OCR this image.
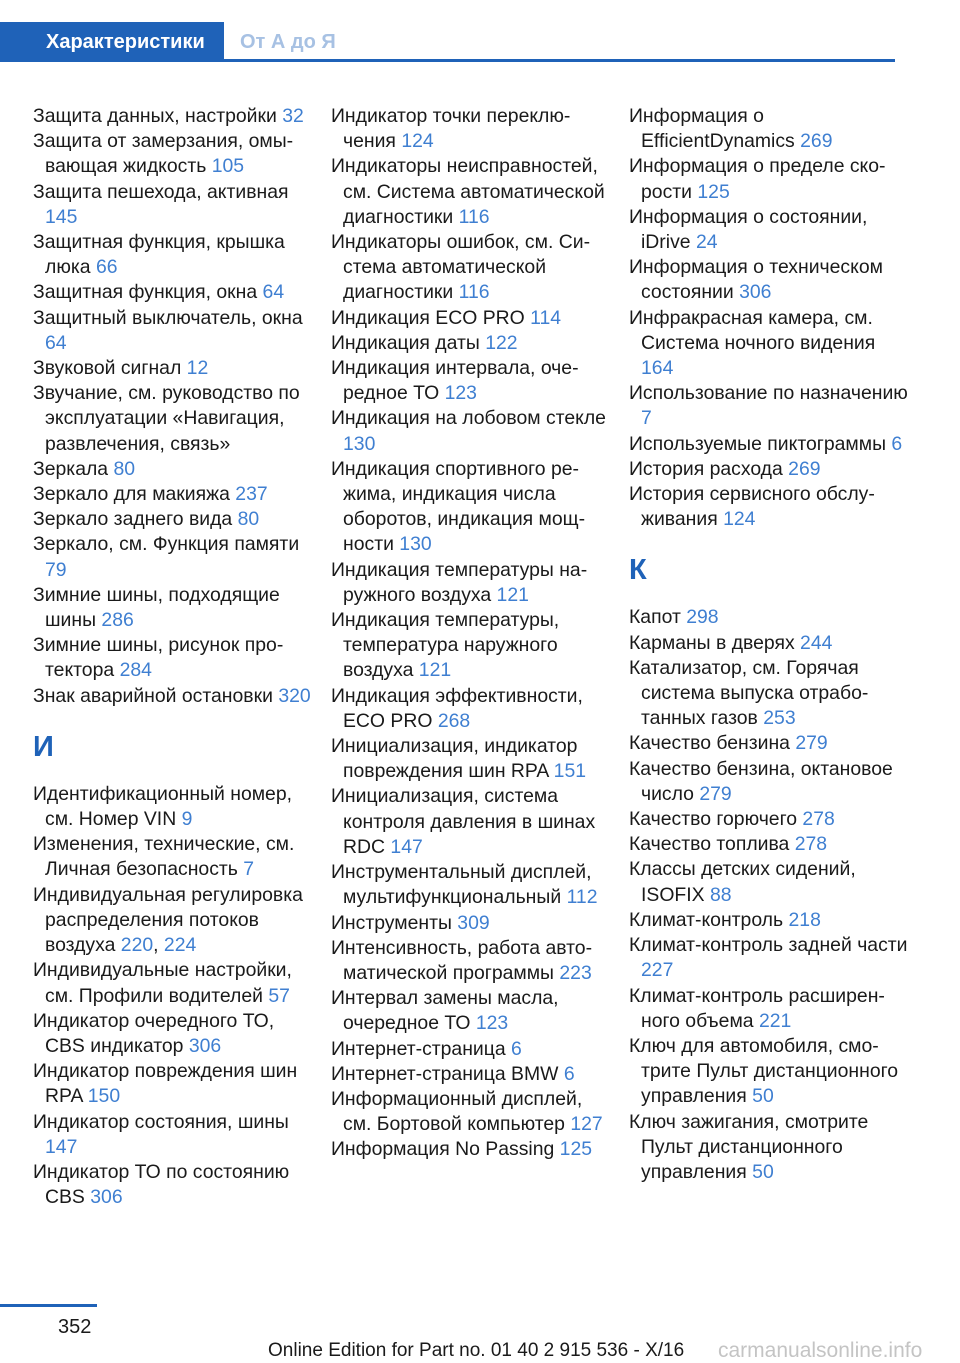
Характеристики	От А до Я
Защита данных, настройки 32
Защита от замерзания, омывающая жидкость 105
Защита пешехода, активная 145
Защитная функция, крышка люка 66
Защитная функция, окна 64
Защитный выключатель, окна 64
Звуковой сигнал 12
Звучание, см. руководство по эксплуатации «Навигация, развлечения, связь»
Зеркала 80
Зеркало для макияжа 237
Зеркало заднего вида 80
Зеркало, см. Функция памяти 79
Зимние шины, подходящие шины 286
Зимние шины, рисунок протектора 284
Знак аварийной остановки 320
И
Идентификационный номер, см. Номер VIN 9
Изменения, технические, см. Личная безопасность 7
Индивидуальная регулировка распределения потоков воздуха 220, 224
Индивидуальные настройки, см. Профили водителей 57
Индикатор очередного ТО, CBS индикатор 306
Индикатор повреждения шин RPA 150
Индикатор состояния, шины 147
Индикатор ТО по состоянию CBS 306
Индикатор точки переключения 124
Индикаторы неисправностей, см. Система автоматической диагностики 116
Индикаторы ошибок, см. Система автоматической диагностики 116
Индикация ECO PRO 114
Индикация даты 122
Индикация интервала, очередное ТО 123
Индикация на лобовом стекле 130
Индикация спортивного режима, индикация числа оборотов, индикация мощности 130
Индикация температуры наружного воздуха 121
Индикация температуры, температура наружного воздуха 121
Индикация эффективности, ECO PRO 268
Инициализация, индикатор повреждения шин RPA 151
Инициализация, система контроля давления в шинах RDC 147
Инструментальный дисплей, мультифункциональный 112
Инструменты 309
Интенсивность, работа автоматической программы 223
Интервал замены масла, очередное ТО 123
Интернет-страница 6
Интернет-страница BMW 6
Информационный дисплей, см. Бортовой компьютер 127
Информация No Passing 125
Информация о EfficientDynamics 269
Информация о пределе скорости 125
Информация о состоянии, iDrive 24
Информация о техническом состоянии 306
Инфракрасная камера, см. Система ночного видения 164
Использование по назначению 7
Используемые пиктограммы 6
История расхода 269
История сервисного обслуживания 124
К
Капот 298
Карманы в дверях 244
Катализатор, см. Горячая система выпуска отработанных газов 253
Качество бензина 279
Качество бензина, октановое число 279
Качество горючего 278
Качество топлива 278
Классы детских сидений, ISOFIX 88
Климат-контроль 218
Климат-контроль задней части 227
Климат-контроль расширенного объема 221
Ключ для автомобиля, смотрите Пульт дистанционного управления 50
Ключ зажигания, смотрите Пульт дистанционного управления 50
352
Online Edition for Part no. 01 40 2 915 536 - X/16 carmanualsonline.info
